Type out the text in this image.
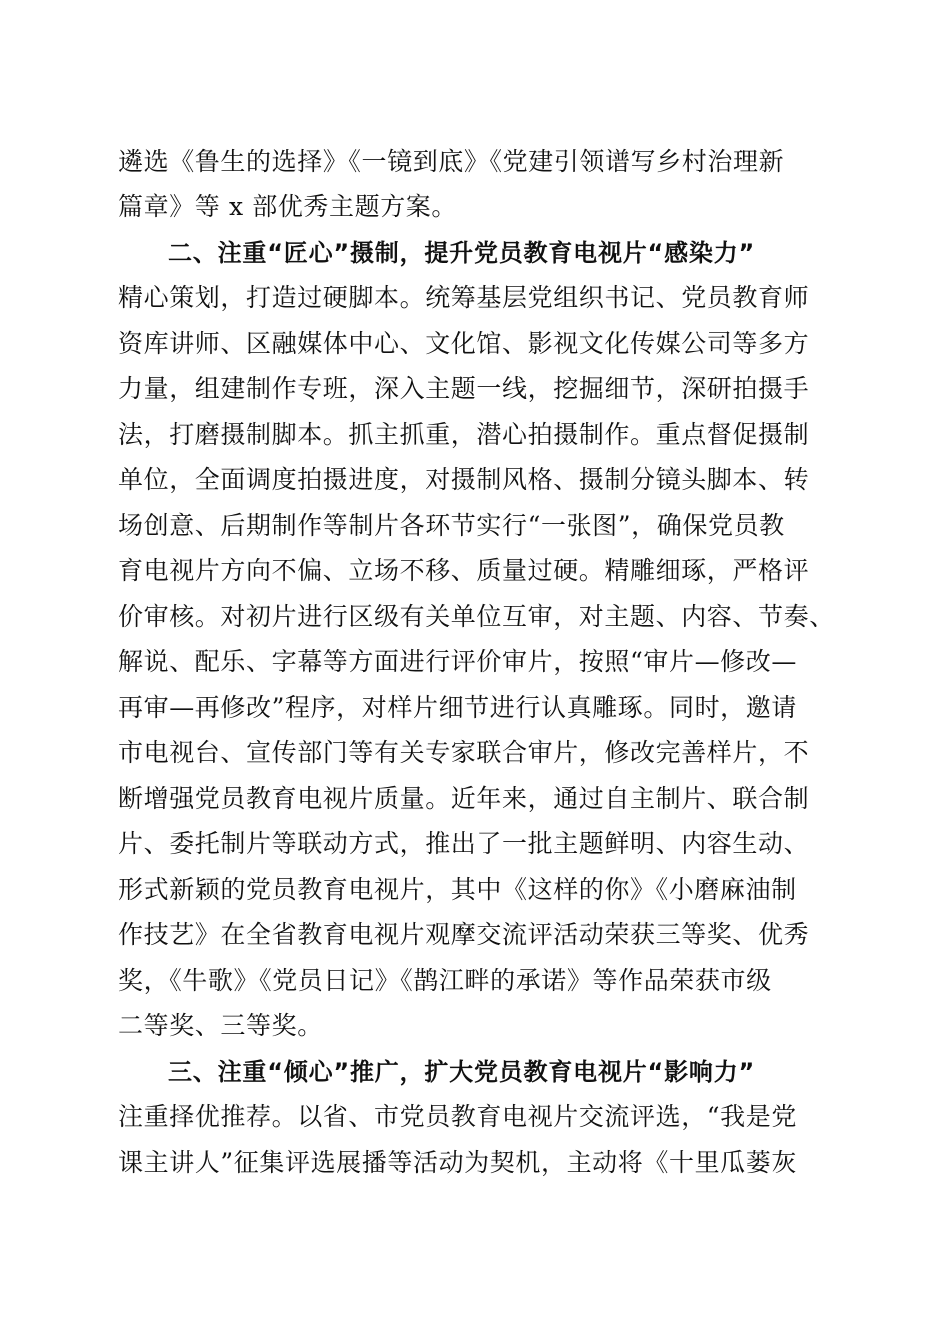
遴选《鲁生的选择》《一镜到底》《党建引领谱写乡村治理新
篇章》等 x 部优秀主题方案。
二、注重“匠心”摄制，提升党员教育电视片“感染力”
精心策划，打造过硬脚本。统筹基层党组织书记、党员教育师
资库讲师、区融媒体中心、文化馆、影视文化传媒公司等多方
力量，组建制作专班，深入主题一线，挖掘细节，深研拍摄手
法，打磨摄制脚本。抓主抓重，潜心拍摄制作。重点督促摄制
单位，全面调度拍摄进度，对摄制风格、摄制分镜头脚本、转
场创意、后期制作等制片各环节实行“一张图”，确保党员教
育电视片方向不偏、立场不移、质量过硬。精雕细琢，严格评
价审核。对初片进行区级有关单位互审，对主题、内容、节奏、
解说、配乐、字幕等方面进行评价审片，按照“审片—修改—
再审—再修改”程序，对样片细节进行认真雕琢。同时，邀请
市电视台、宣传部门等有关专家联合审片，修改完善样片，不
断增强党员教育电视片质量。近年来，通过自主制片、联合制
片、委托制片等联动方式，推出了一批主题鲜明、内容生动、
形式新颖的党员教育电视片，其中《这样的你》《小磨麻油制
作技艺》在全省教育电视片观摩交流评活动荣获三等奖、优秀
奖，《牛歌》《党员日记》《鹊江畔的承诺》等作品荣获市级
二等奖、三等奖。
三、注重“倾心”推广，扩大党员教育电视片“影响力”
注重择优推荐。以省、市党员教育电视片交流评选，“我是党
课主讲人”征集评选展播等活动为契机，主动将《十里瓜蒌灰
